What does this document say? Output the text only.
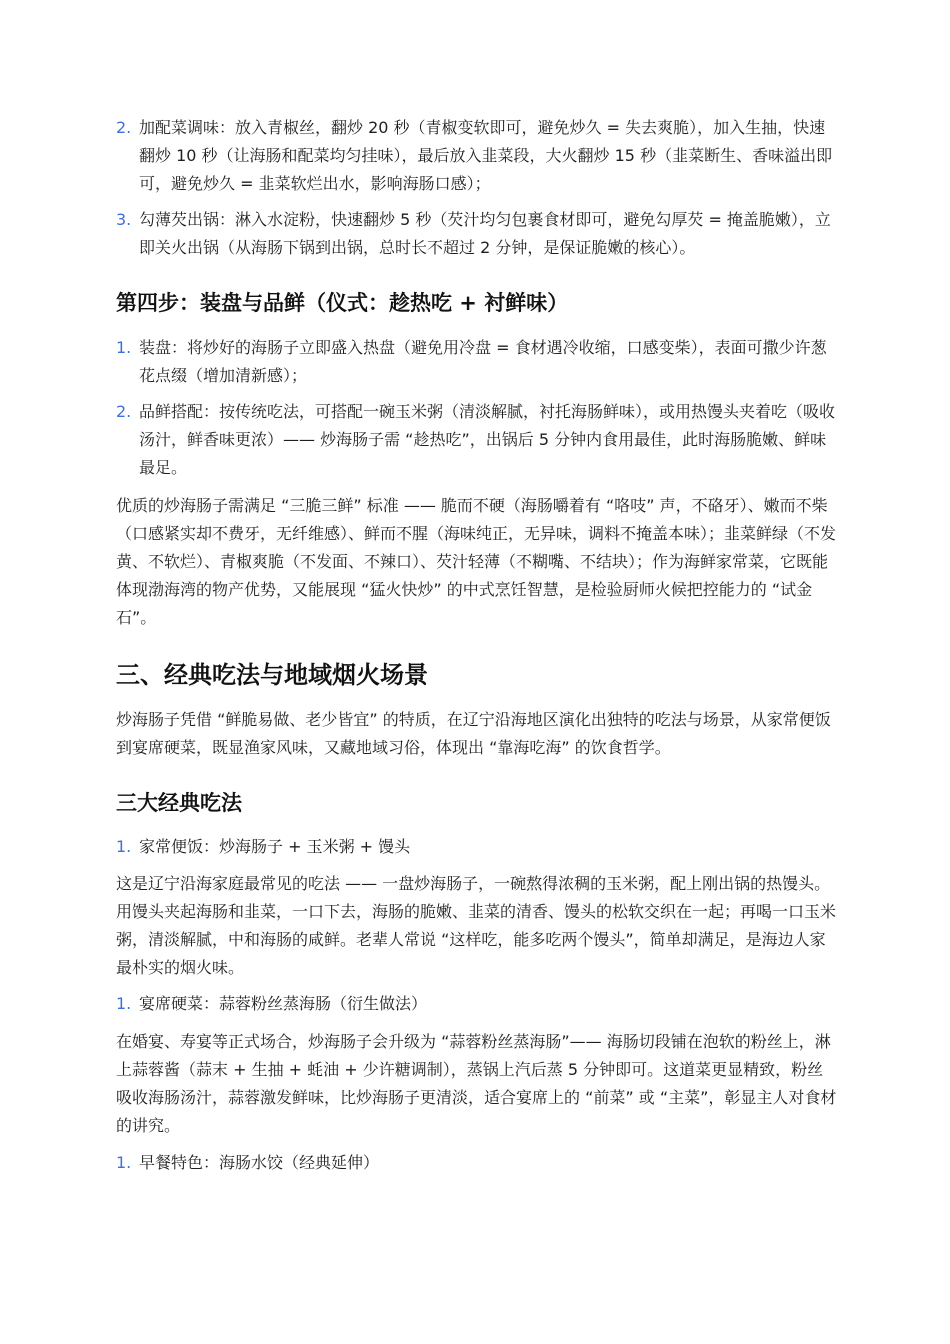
2. 加配菜调味：放入青椒丝，翻炒 20 秒（青椒变软即可，避免炒久 = 失去爽脆），加入生抽，快速翻炒 10 秒（让海肠和配菜均匀挂味），最后放入韭菜段，大火翻炒 15 秒（韭菜断生、香味溢出即可，避免炒久 = 韭菜软烂出水，影响海肠口感）；
3. 勾薄芡出锅：淋入水淀粉，快速翻炒 5 秒（芡汁均匀包裹食材即可，避免勾厚芡 = 掩盖脆嫩），立即关火出锅（从海肠下锅到出锅，总时长不超过 2 分钟，是保证脆嫩的核心）。
第四步：装盘与品鲜（仪式：趁热吃 + 衬鲜味）
1. 装盘：将炒好的海肠子立即盛入热盘（避免用冷盘 = 食材遇冷收缩，口感变柴），表面可撒少许葱花点缀（增加清新感）；
2. 品鲜搭配：按传统吃法，可搭配一碗玉米粥（清淡解腻，衬托海肠鲜味），或用热馒头夹着吃（吸收汤汁，鲜香味更浓）—— 炒海肠子需 “趁热吃”，出锅后 5 分钟内食用最佳，此时海肠脆嫩、鲜味最足。
优质的炒海肠子需满足 “三脆三鲜” 标准 —— 脆而不硬（海肠嚼着有 “咯吱” 声，不硌牙）、嫩而不柴（口感紧实却不费牙，无纤维感）、鲜而不腥（海味纯正，无异味，调料不掩盖本味）；韭菜鲜绿（不发黄、不软烂）、青椒爽脆（不发面、不辣口）、芡汁轻薄（不糊嘴、不结块）；作为海鲜家常菜，它既能体现渤海湾的物产优势，又能展现 “猛火快炒” 的中式烹饪智慧，是检验厨师火候把控能力的 “试金石”。
三、经典吃法与地域烟火场景
炒海肠子凭借 “鲜脆易做、老少皆宜” 的特质，在辽宁沿海地区演化出独特的吃法与场景，从家常便饭到宴席硬菜，既显渔家风味，又藏地域习俗，体现出 “靠海吃海” 的饮食哲学。
三大经典吃法
1. 家常便饭：炒海肠子 + 玉米粥 + 馒头
这是辽宁沿海家庭最常见的吃法 —— 一盘炒海肠子，一碗熬得浓稠的玉米粥，配上刚出锅的热馒头。用馒头夹起海肠和韭菜，一口下去，海肠的脆嫩、韭菜的清香、馒头的松软交织在一起；再喝一口玉米粥，清淡解腻，中和海肠的咸鲜。老辈人常说 “这样吃，能多吃两个馒头”，简单却满足，是海边人家最朴实的烟火味。
1. 宴席硬菜：蒜蓉粉丝蒸海肠（衍生做法）
在婚宴、寿宴等正式场合，炒海肠子会升级为 “蒜蓉粉丝蒸海肠”—— 海肠切段铺在泡软的粉丝上，淋上蒜蓉酱（蒜末 + 生抽 + 蚝油 + 少许糖调制），蒸锅上汽后蒸 5 分钟即可。这道菜更显精致，粉丝吸收海肠汤汁，蒜蓉激发鲜味，比炒海肠子更清淡，适合宴席上的 “前菜” 或 “主菜”，彰显主人对食材的讲究。
1. 早餐特色：海肠水饺（经典延伸）
